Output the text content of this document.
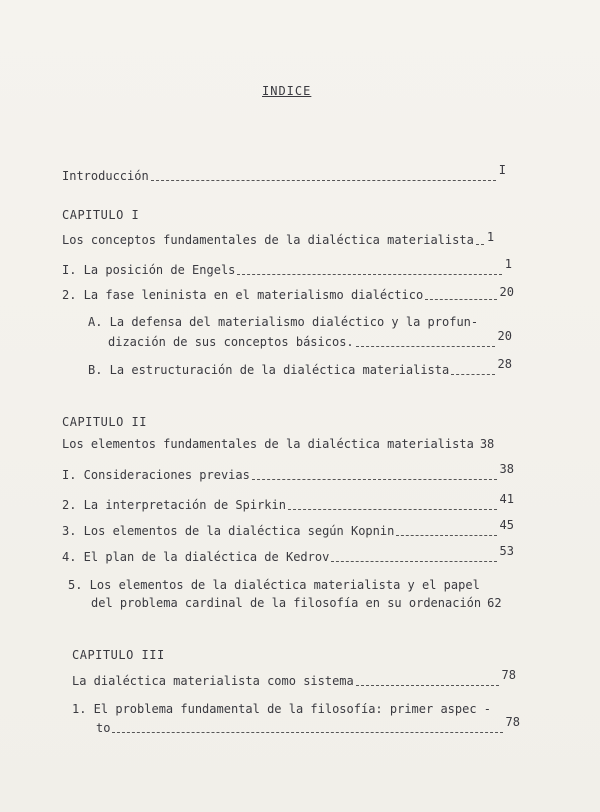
INDICE
Introducción	I
CAPITULO I
Los conceptos fundamentales de la dialéctica materialista 1
I. La posición de Engels	1
2. La fase leninista en el materialismo dialéctico	20
A. La defensa del materialismo dialéctico y la profun-
dización de sus conceptos básicos.	20
B. La estructuración de la dialéctica materialista	28
CAPITULO II
Los elementos fundamentales de la dialéctica materialista 38
I. Consideraciones previas	38
2. La interpretación de Spirkin	41
3. Los elementos de la dialéctica según Kopnin	45
4. El plan de la dialéctica de Kedrov	53
5. Los elementos de la dialéctica materialista y el papel
del problema cardinal de la filosofía en su ordenación 62
CAPITULO III
La dialéctica materialista como sistema	78
1. El problema fundamental de la filosofía: primer aspec -
to	78
